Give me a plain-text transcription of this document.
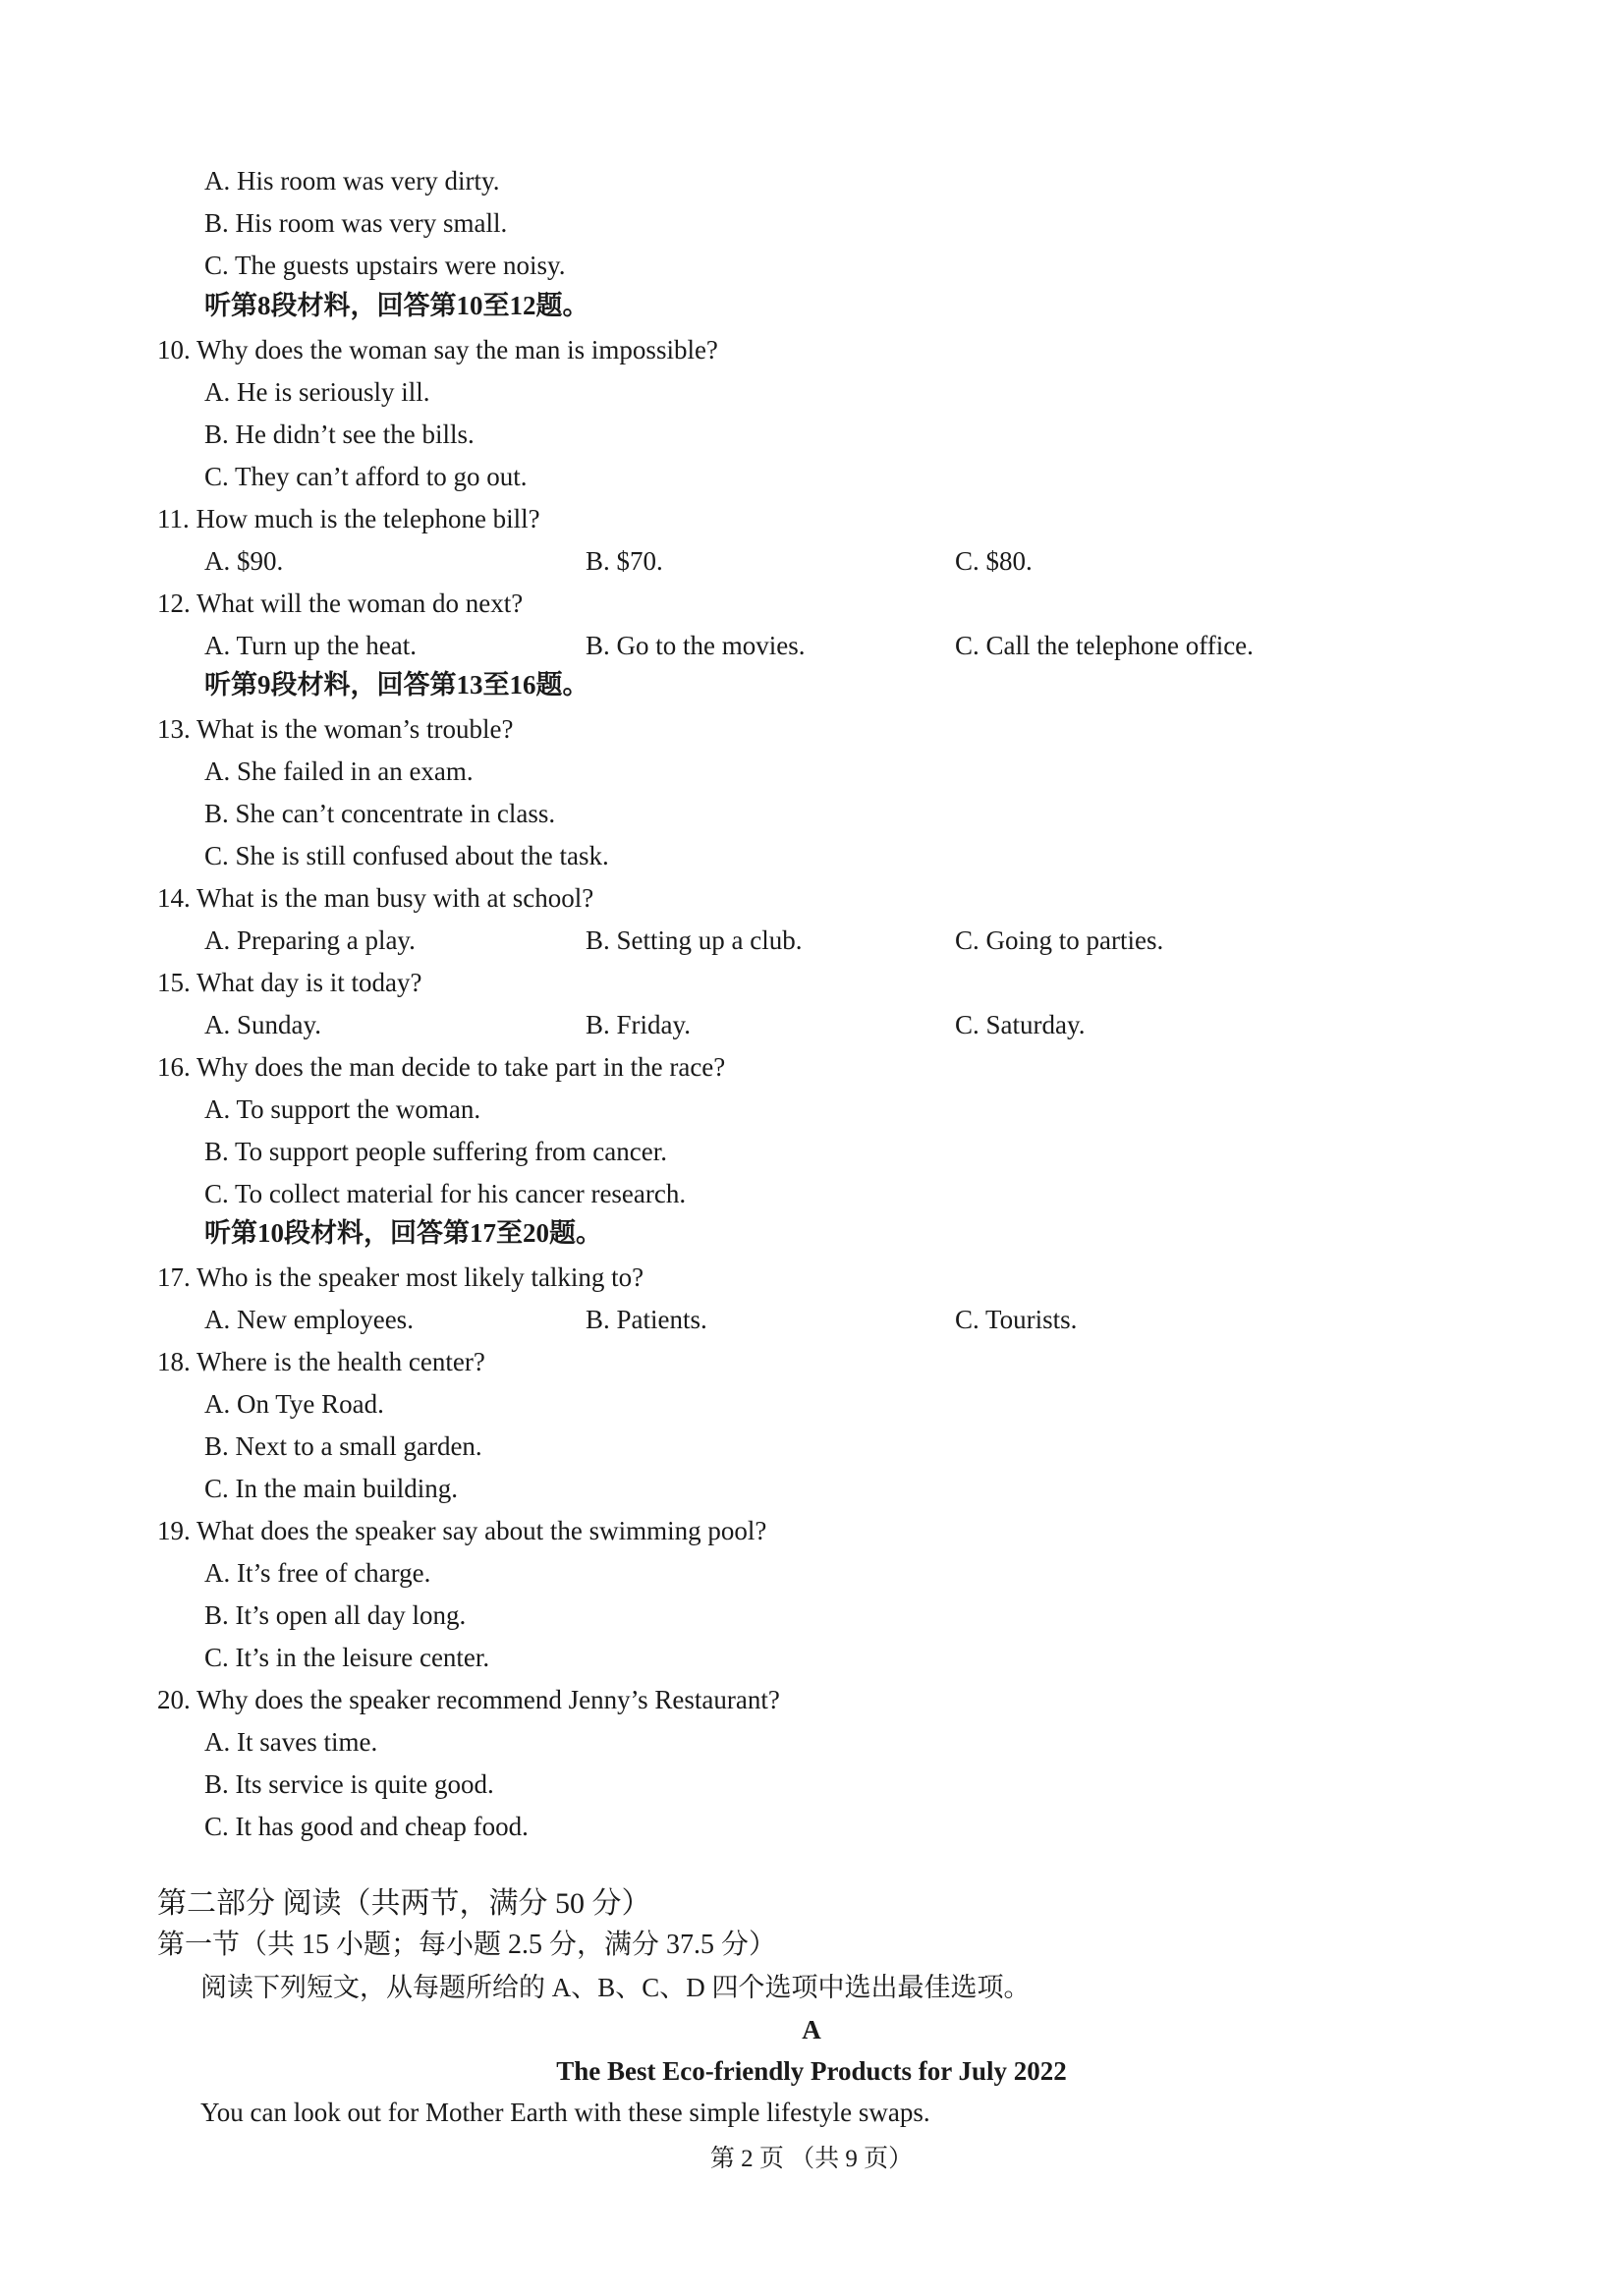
A. His room was very dirty.
B. His room was very small.
C. The guests upstairs were noisy.
听第8段材料，回答第10至12题。
10. Why does the woman say the man is impossible?
A. He is seriously ill.
B. He didn’t see the bills.
C. They can’t afford to go out.
11. How much is the telephone bill?
A. $90.	B. $70.	C. $80.
12. What will the woman do next?
A. Turn up the heat.	B. Go to the movies.	C. Call the telephone office.
听第9段材料，回答第13至16题。
13. What is the woman’s trouble?
A. She failed in an exam.
B. She can’t concentrate in class.
C. She is still confused about the task.
14. What is the man busy with at school?
A. Preparing a play.	B. Setting up a club.	C. Going to parties.
15. What day is it today?
A. Sunday.	B. Friday.	C. Saturday.
16. Why does the man decide to take part in the race?
A. To support the woman.
B. To support people suffering from cancer.
C. To collect material for his cancer research.
听第10段材料，回答第17至20题。
17. Who is the speaker most likely talking to?
A. New employees.	B. Patients.	C. Tourists.
18. Where is the health center?
A. On Tye Road.
B. Next to a small garden.
C. In the main building.
19. What does the speaker say about the swimming pool?
A. It’s free of charge.
B. It’s open all day long.
C. It’s in the leisure center.
20. Why does the speaker recommend Jenny’s Restaurant?
A. It saves time.
B. Its service is quite good.
C. It has good and cheap food.
第二部分 阅读（共两节，满分 50 分）
第一节（共 15 小题；每小题 2.5 分，满分 37.5 分）
阅读下列短文，从每题所给的 A、B、C、D 四个选项中选出最佳选项。
A
The Best Eco-friendly Products for July 2022
You can look out for Mother Earth with these simple lifestyle swaps.
第 2 页 （共 9 页）
